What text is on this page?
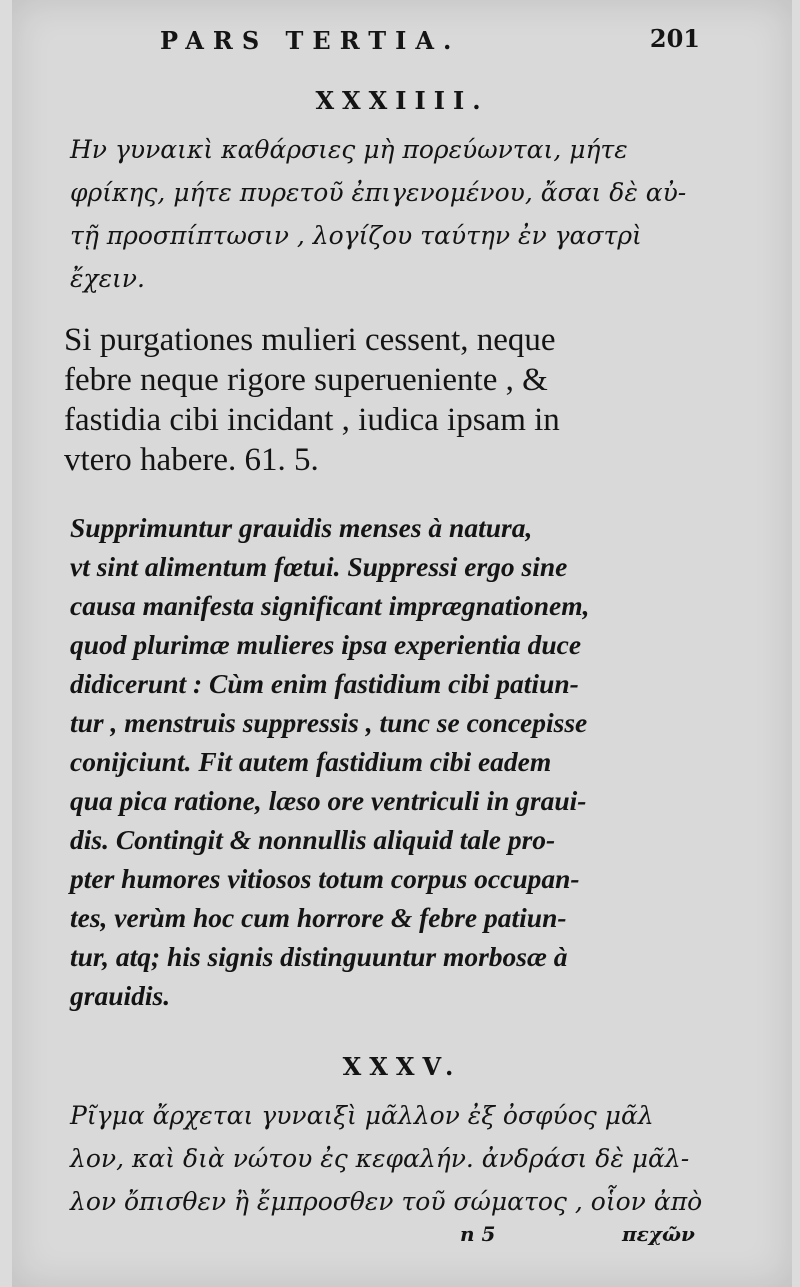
PARS TERTIA.	201
XXXIIII.

Ην γυναικὶ καθάρσιες μὴ πορεύωνται, μήτε

φρίκης, μήτε πυρετοῦ ἐπιγενομένου, ἄσαι δὲ αὐ-

τῇ προσπίπτωσιν , λογίζου ταύτην ἐν γαστρὶ

ἔχειν.

Si purgationes mulieri cessent, neque

febre neque rigore superueniente , &

fastidia cibi incidant , iudica ipsam in

vtero habere. 61. 5.

Supprimuntur grauidis menses à natura,

vt sint alimentum fœtui. Suppressi ergo sine

causa manifesta significant imprægnationem,

quod plurimæ mulieres ipsa experientia duce

didicerunt : Cùm enim fastidium cibi patiun-

tur , menstruis suppressis , tunc se concepisse

conijciunt. Fit autem fastidium cibi eadem

qua pica ratione, læso ore ventriculi in graui-

dis. Contingit & nonnullis aliquid tale pro-

pter humores vitiosos totum corpus occupan-

tes, verùm hoc cum horrore & febre patiun-

tur, atq; his signis distinguuntur morbosæ à

grauidis.

XXXV.

Ρῖγμα ἄρχεται γυναιξὶ μᾶλλον ἐξ ὀσφύος μᾶλ

λον, καὶ διὰ νώτου ἐς κεφαλήν. ἀνδράσι δὲ μᾶλ-

λον ὄπισθεν ἢ ἔμπροσθεν τοῦ σώματος , οἷον ἀπὸ

n 5	πεχῶν
